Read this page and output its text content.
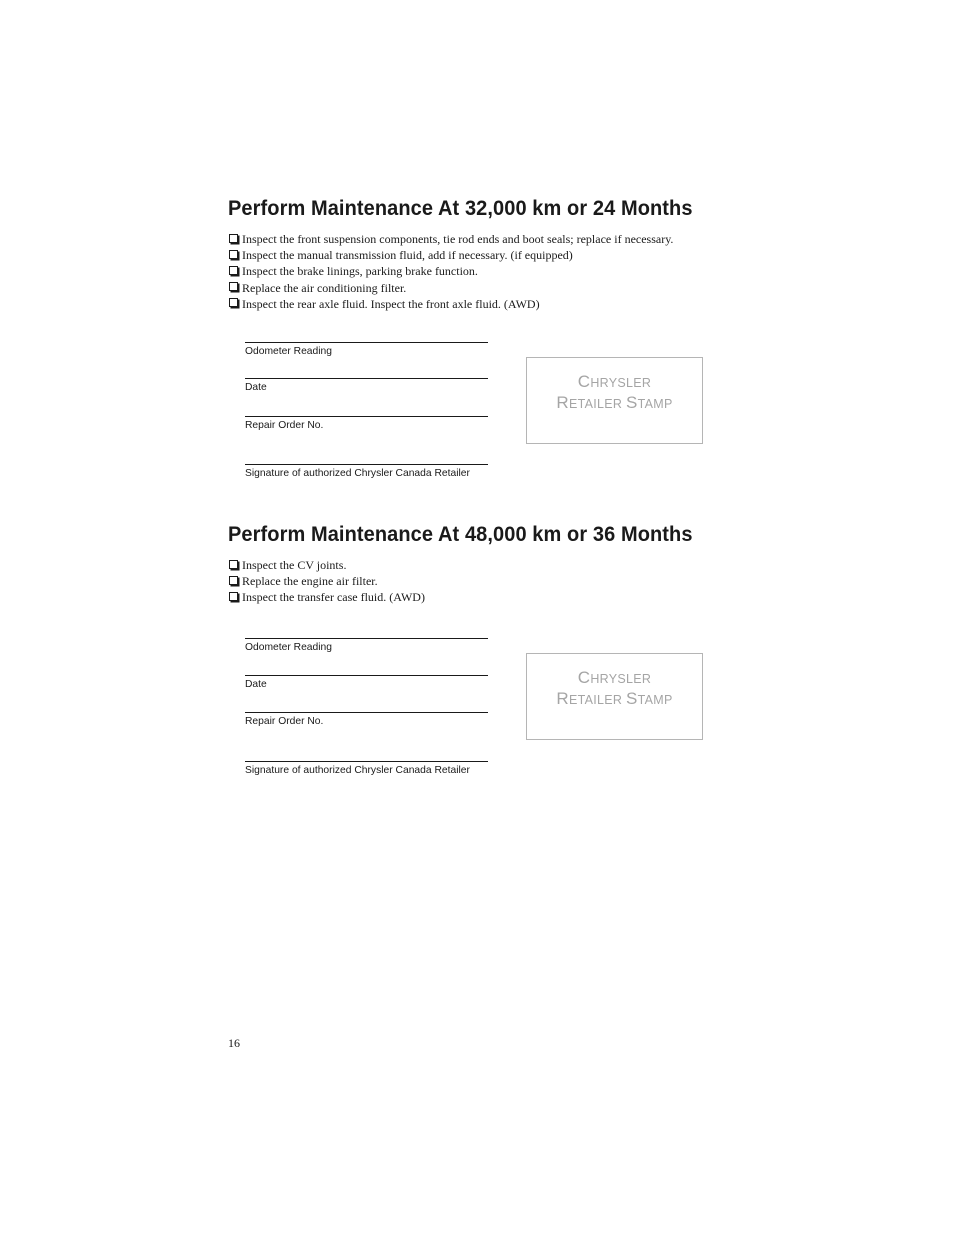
Perform Maintenance At 32,000 km or 24 Months
Inspect the front suspension components, tie rod ends and boot seals; replace if necessary.
Inspect the manual transmission fluid, add if necessary. (if equipped)
Inspect the brake linings, parking brake function.
Replace the air conditioning filter.
Inspect the rear axle fluid. Inspect the front axle fluid. (AWD)
Odometer Reading
Date
Repair Order No.
Signature of authorized Chrysler Canada Retailer
CHRYSLER
RETAILER STAMP
Perform Maintenance At 48,000 km or 36 Months
Inspect the CV joints.
Replace the engine air filter.
Inspect the transfer case fluid. (AWD)
Odometer Reading
Date
Repair Order No.
Signature of authorized Chrysler Canada Retailer
CHRYSLER
RETAILER STAMP
16
